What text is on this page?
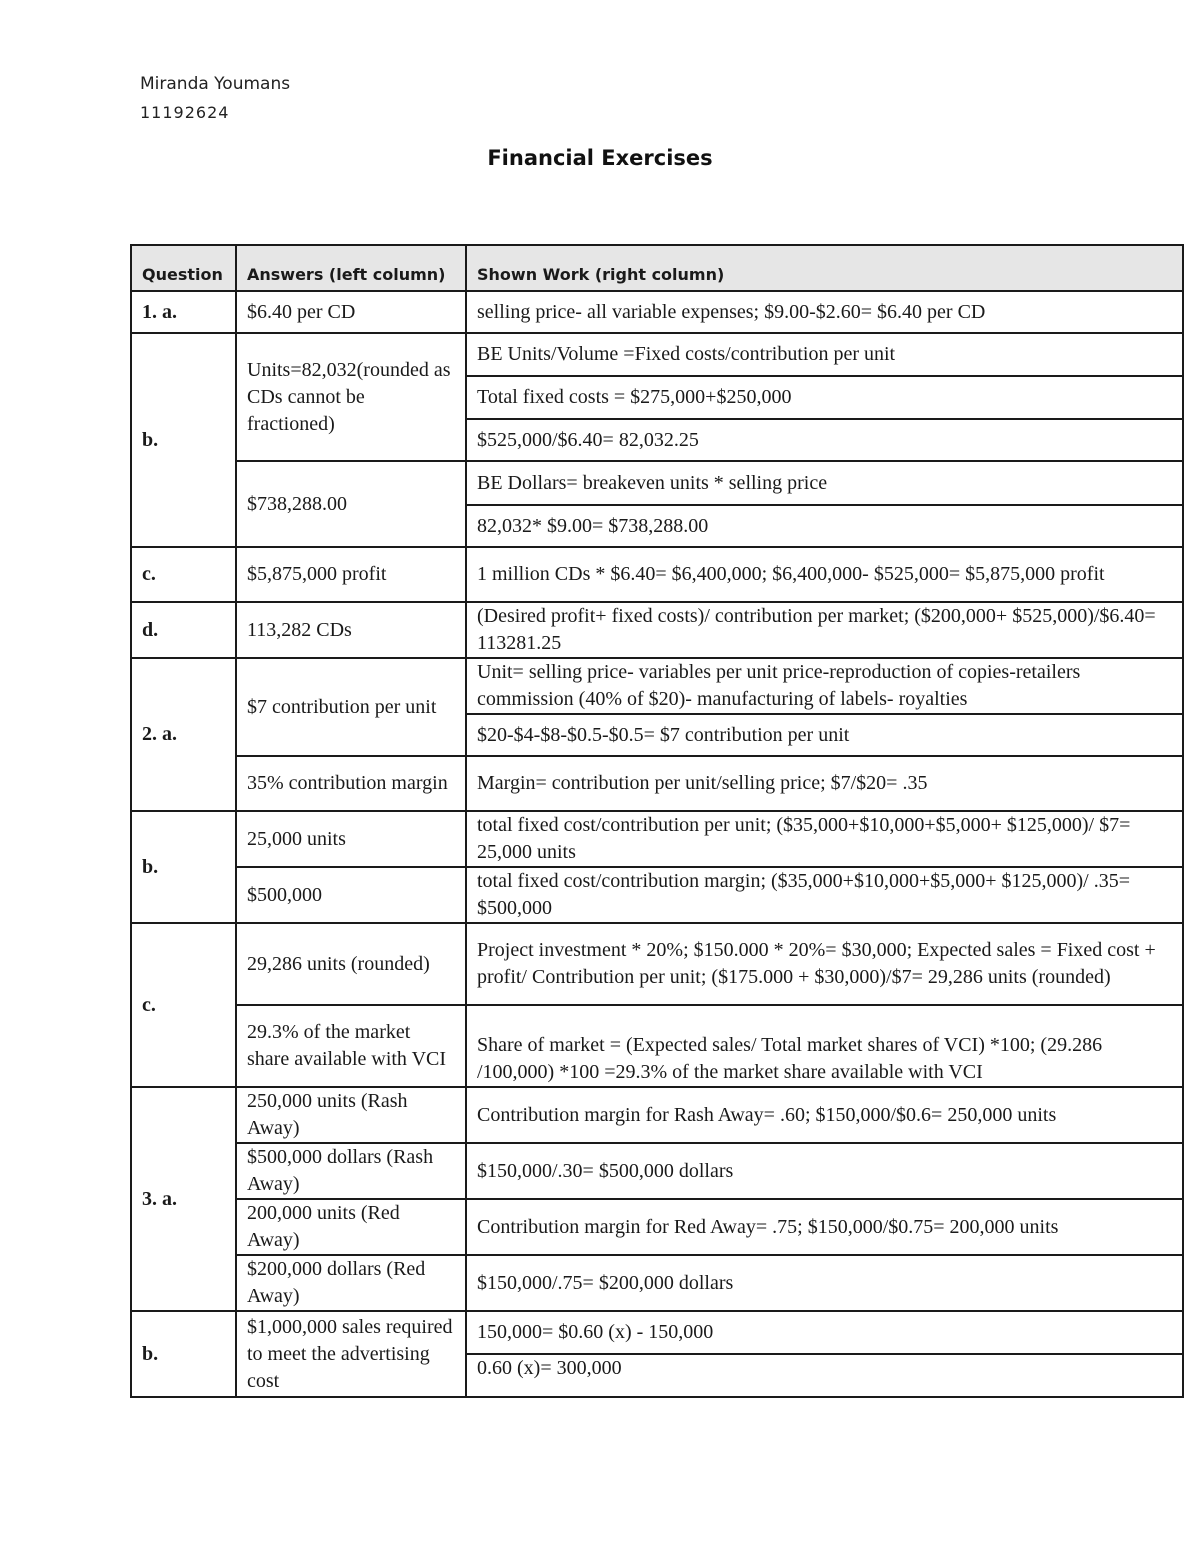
Miranda Youmans
11192624
Financial Exercises
Question	Answers (left column)	Shown Work (right column)
1. a.	$6.40 per CD	selling price- all variable expenses; $9.00-$2.60= $6.40 per CD
b.	Units=82,032(rounded as CDs cannot be fractioned)	BE Units/Volume =Fixed costs/contribution per unit
		Total fixed costs = $275,000+$250,000
		$525,000/$6.40= 82,032.25
	$738,288.00	BE Dollars= breakeven units * selling price
		82,032* $9.00= $738,288.00
c.	$5,875,000 profit	1 million CDs * $6.40= $6,400,000; $6,400,000- $525,000= $5,875,000 profit
d.	113,282 CDs	(Desired profit+ fixed costs)/ contribution per market; ($200,000+ $525,000)/$6.40= 113281.25
2. a.	$7 contribution per unit	Unit= selling price- variables per unit price-reproduction of copies-retailers commission (40% of $20)- manufacturing of labels- royalties
		$20-$4-$8-$0.5-$0.5= $7 contribution per unit
	35% contribution margin	Margin= contribution per unit/selling price; $7/$20= .35
b.	25,000 units	total fixed cost/contribution per unit; ($35,000+$10,000+$5,000+ $125,000)/ $7= 25,000 units
	$500,000	total fixed cost/contribution margin; ($35,000+$10,000+$5,000+ $125,000)/ .35= $500,000
c.	29,286 units (rounded)	Project investment * 20%; $150.000 * 20%= $30,000; Expected sales = Fixed cost + profit/ Contribution per unit; ($175.000 + $30,000)/$7= 29,286 units (rounded)
	29.3% of the market share available with VCI	Share of market = (Expected sales/ Total market shares of VCI) *100; (29.286 /100,000) *100 =29.3% of the market share available with VCI
3. a.	250,000 units (Rash Away)	Contribution margin for Rash Away= .60; $150,000/$0.6= 250,000 units
	$500,000 dollars (Rash Away)	$150,000/.30= $500,000 dollars
	200,000 units (Red Away)	Contribution margin for Red Away= .75; $150,000/$0.75= 200,000 units
	$200,000 dollars (Red Away)	$150,000/.75= $200,000 dollars
b.	$1,000,000 sales required to meet the advertising cost	150,000= $0.60 (x) - 150,000
		0.60 (x)= 300,000
